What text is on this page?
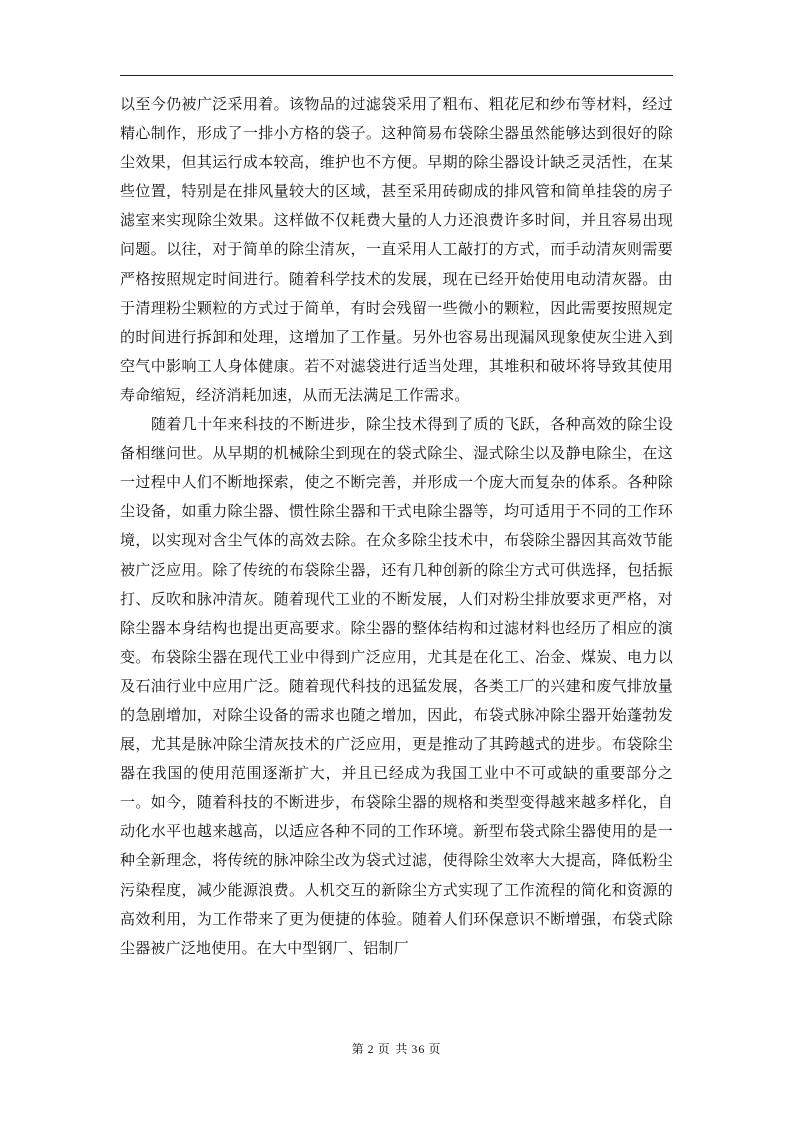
以至今仍被广泛采用着。该物品的过滤袋采用了粗布、粗花尼和纱布等材料，经过精心制作，形成了一排小方格的袋子。这种简易布袋除尘器虽然能够达到很好的除尘效果，但其运行成本较高，维护也不方便。早期的除尘器设计缺乏灵活性，在某些位置，特别是在排风量较大的区域，甚至采用砖砌成的排风管和简单挂袋的房子滤室来实现除尘效果。这样做不仅耗费大量的人力还浪费许多时间，并且容易出现问题。以往，对于简单的除尘清灰，一直采用人工敲打的方式，而手动清灰则需要严格按照规定时间进行。随着科学技术的发展，现在已经开始使用电动清灰器。由于清理粉尘颗粒的方式过于简单，有时会残留一些微小的颗粒，因此需要按照规定的时间进行拆卸和处理，这增加了工作量。另外也容易出现漏风现象使灰尘进入到空气中影响工人身体健康。若不对滤袋进行适当处理，其堆积和破坏将导致其使用寿命缩短，经济消耗加速，从而无法满足工作需求。

随着几十年来科技的不断进步，除尘技术得到了质的飞跃，各种高效的除尘设备相继问世。从早期的机械除尘到现在的袋式除尘、湿式除尘以及静电除尘，在这一过程中人们不断地探索，使之不断完善，并形成一个庞大而复杂的体系。各种除尘设备，如重力除尘器、惯性除尘器和干式电除尘器等，均可适用于不同的工作环境，以实现对含尘气体的高效去除。在众多除尘技术中，布袋除尘器因其高效节能被广泛应用。除了传统的布袋除尘器，还有几种创新的除尘方式可供选择，包括振打、反吹和脉冲清灰。随着现代工业的不断发展，人们对粉尘排放要求更严格，对除尘器本身结构也提出更高要求。除尘器的整体结构和过滤材料也经历了相应的演变。布袋除尘器在现代工业中得到广泛应用，尤其是在化工、冶金、煤炭、电力以及石油行业中应用广泛。随着现代科技的迅猛发展，各类工厂的兴建和废气排放量的急剧增加，对除尘设备的需求也随之增加，因此，布袋式脉冲除尘器开始蓬勃发展，尤其是脉冲除尘清灰技术的广泛应用，更是推动了其跨越式的进步。布袋除尘器在我国的使用范围逐渐扩大，并且已经成为我国工业中不可或缺的重要部分之一。如今，随着科技的不断进步，布袋除尘器的规格和类型变得越来越多样化，自动化水平也越来越高，以适应各种不同的工作环境。新型布袋式除尘器使用的是一种全新理念，将传统的脉冲除尘改为袋式过滤，使得除尘效率大大提高，降低粉尘污染程度，减少能源浪费。人机交互的新除尘方式实现了工作流程的简化和资源的高效利用，为工作带来了更为便捷的体验。随着人们环保意识不断增强，布袋式除尘器被广泛地使用。在大中型钢厂、铝制厂

第 2 页 共 36 页
